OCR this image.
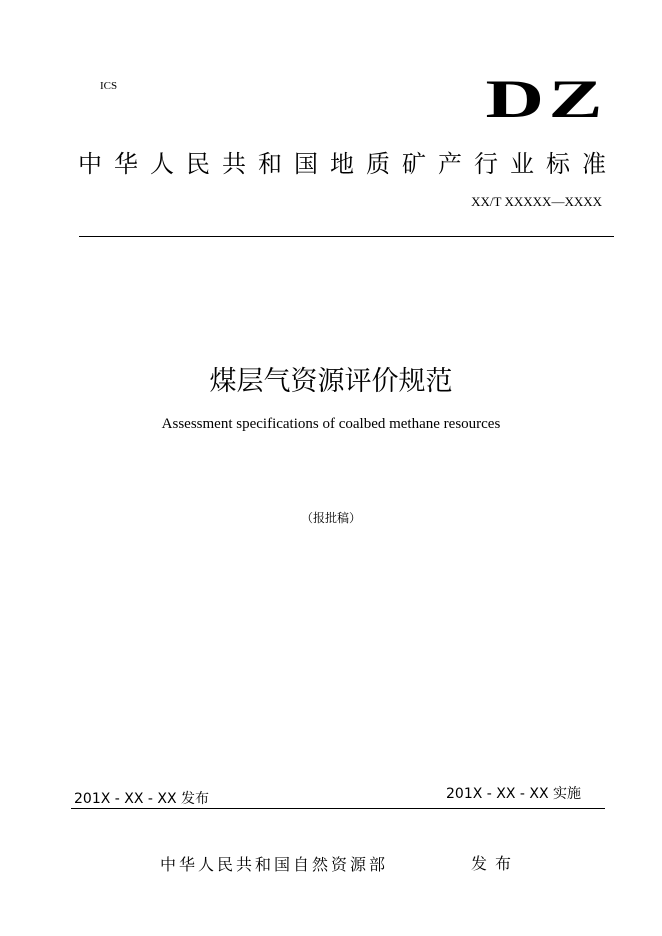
ICS	DZ
中华人民共和国地质矿产行业标准
XX/T XXXXX—XXXX
煤层气资源评价规范
Assessment specifications of coalbed methane resources
（报批稿）
201X - XX - XX 发布	201X - XX - XX 实施
中华人民共和国自然资源部	发布
